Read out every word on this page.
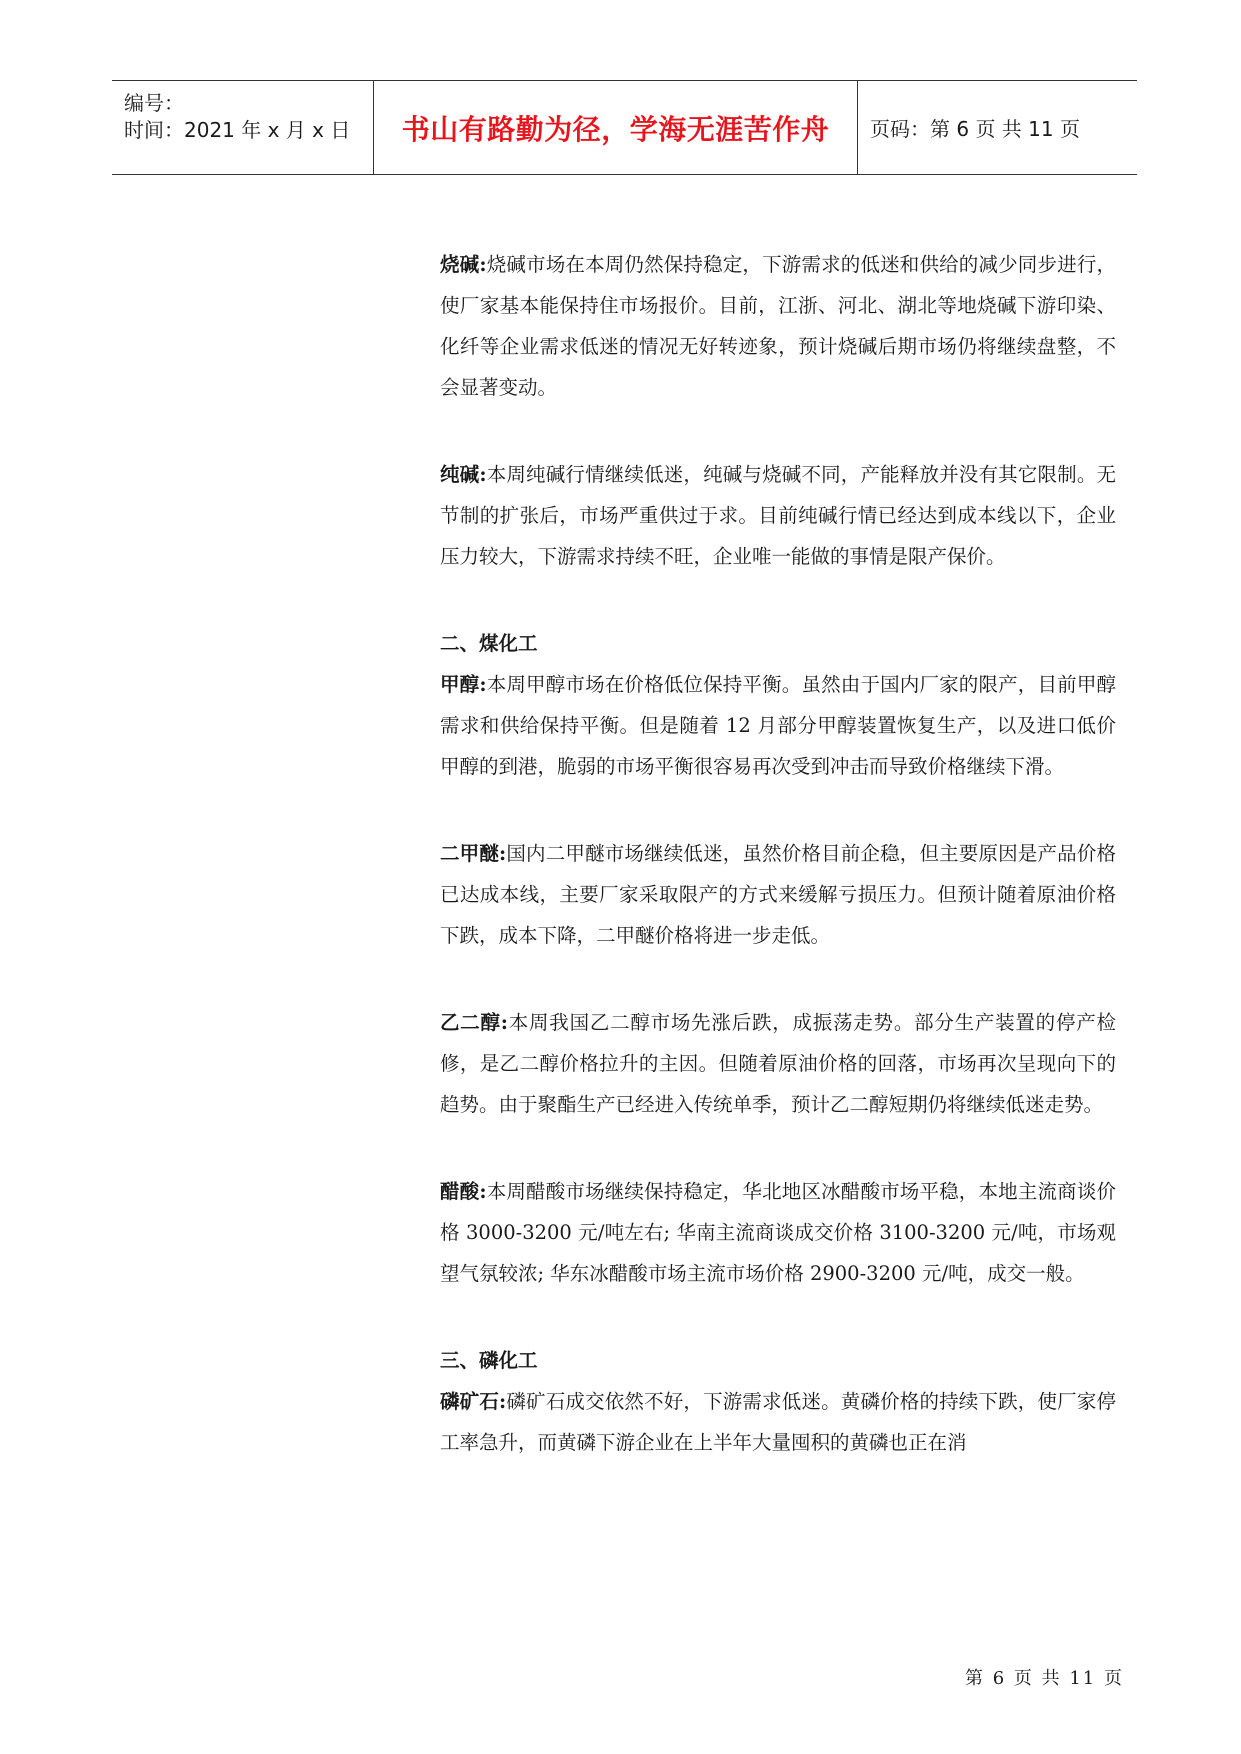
编号：
时间：2021 年 x 月 x 日 书山有路勤为径，学海无涯苦作舟 页码：第 6 页 共 11 页

烧碱:烧碱市场在本周仍然保持稳定，下游需求的低迷和供给的减少同步进行，使厂家基本能保持住市场报价。目前，江浙、河北、湖北等地烧碱下游印染、化纤等企业需求低迷的情况无好转迹象，预计烧碱后期市场仍将继续盘整，不会显著变动。

纯碱:本周纯碱行情继续低迷，纯碱与烧碱不同，产能释放并没有其它限制。无节制的扩张后，市场严重供过于求。目前纯碱行情已经达到成本线以下，企业压力较大，下游需求持续不旺，企业唯一能做的事情是限产保价。

二、煤化工

甲醇:本周甲醇市场在价格低位保持平衡。虽然由于国内厂家的限产，目前甲醇需求和供给保持平衡。但是随着 12 月部分甲醇装置恢复生产，以及进口低价甲醇的到港，脆弱的市场平衡很容易再次受到冲击而导致价格继续下滑。

二甲醚:国内二甲醚市场继续低迷，虽然价格目前企稳，但主要原因是产品价格已达成本线，主要厂家采取限产的方式来缓解亏损压力。但预计随着原油价格下跌，成本下降，二甲醚价格将进一步走低。

乙二醇:本周我国乙二醇市场先涨后跌，成振荡走势。部分生产装置的停产检修，是乙二醇价格拉升的主因。但随着原油价格的回落，市场再次呈现向下的趋势。由于聚酯生产已经进入传统单季，预计乙二醇短期仍将继续低迷走势。

醋酸:本周醋酸市场继续保持稳定，华北地区冰醋酸市场平稳，本地主流商谈价格 3000-3200 元/吨左右; 华南主流商谈成交价格 3100-3200 元/吨，市场观望气氛较浓; 华东冰醋酸市场主流市场价格 2900-3200 元/吨，成交一般。

三、磷化工

磷矿石:磷矿石成交依然不好，下游需求低迷。黄磷价格的持续下跌，使厂家停工率急升，而黄磷下游企业在上半年大量囤积的黄磷也正在消

第 6 页 共 11 页
